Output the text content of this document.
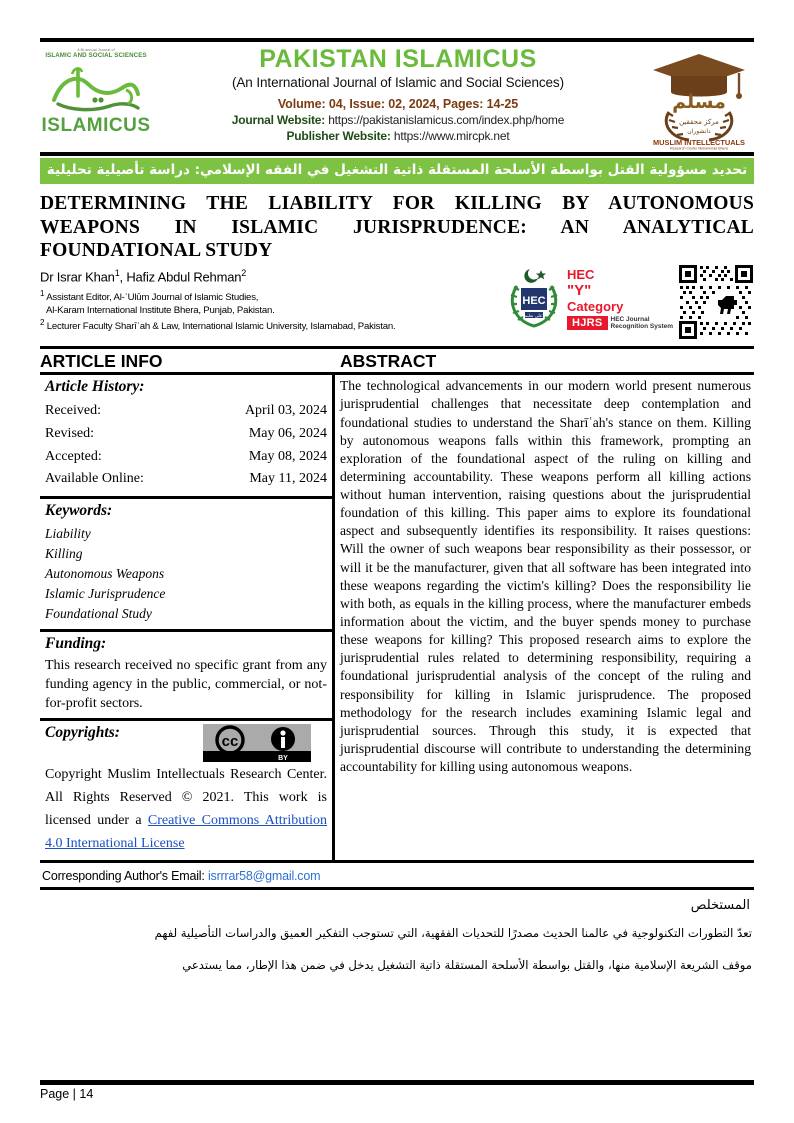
A Bi-annual Journal of
ISLAMIC AND SOCIAL SCIENCES
ISLAMICUS
PAKISTAN ISLAMICUS
(An International Journal of Islamic and Social Sciences)
Volume: 04, Issue: 02, 2024, Pages: 14-25
Journal Website: https://pakistanislamicus.com/index.php/home
Publisher Website: https://www.mircpk.net
مسلم
مركز محققين
دانشوران
MUSLIM INTELLECTUALS
Research Center Muhammad Bhera
تحديد مسؤولية القتل بواسطة الأسلحة المستقلة ذاتية التشغيل في الفقه الإسلامي: دراسة تأصيلية تحليلية
DETERMINING THE LIABILITY FOR KILLING BY AUTONOMOUS WEAPONS IN ISLAMIC JURISPRUDENCE: AN ANALYTICAL FOUNDATIONAL STUDY
HEC
اعلى تعليم
HEC
"Y"
Category
HJRS	HEC Journal
Recognition System
Dr Israr Khan$^1$, Hafiz Abdul Rehman$^2$
$^1$ Assistant Editor, Al-ʿUlūm Journal of Islamic Studies,
Al-Karam International Institute Bhera, Punjab, Pakistan.
$^2$ Lecturer Faculty Sharīʿah & Law, International Islamic University, Islamabad, Pakistan.
ARTICLE INFO	ABSTRACT
Article History:
Received:	April 03, 2024
Revised:	May 06, 2024
Accepted:	May 08, 2024
Available Online:	May 11, 2024
Keywords:
Liability
Killing
Autonomous Weapons
Islamic Jurisprudence
Foundational Study
Funding:
This research received no specific grant from any funding agency in the public, commercial, or not-for-profit sectors.
Copyrights:
cc
BY
Copyright Muslim Intellectuals Research Center. All Rights Reserved © 2021. This work is licensed under a Creative Commons Attribution 4.0 International License
The technological advancements in our modern world present numerous jurisprudential challenges that necessitate deep contemplation and foundational studies to understand the Sharīʿah's stance on them. Killing by autonomous weapons falls within this framework, prompting an exploration of the foundational aspect of the ruling on killing and determining accountability. These weapons perform all killing actions without human intervention, raising questions about the jurisprudential foundation of this killing. This paper aims to explore its foundational aspect and subsequently identifies its responsibility. It raises questions: Will the owner of such weapons bear responsibility as their possessor, or will it be the manufacturer, given that all software has been integrated into these weapons regarding the victim's killing? Does the responsibility lie with both, as equals in the killing process, where the manufacturer embeds information about the victim, and the buyer spends money to purchase these weapons for killing? This proposed research aims to explore the jurisprudential rules related to determining responsibility, requiring a foundational jurisprudential analysis of the concept of the ruling and responsibility for killing in Islamic jurisprudence. The proposed methodology for the research includes examining Islamic legal and jurisprudential sources. Through this study, it is expected that jurisprudential discourse will contribute to understanding the determining accountability for killing using autonomous weapons.
Corresponding Author's Email: isrrrar58@gmail.com
المستخلص
تعدّ التطورات التكنولوجية في عالمنا الحديث مصدرًا للتحديات الفقهية، التي تستوجب التفكير العميق والدراسات التأصيلية لفهم
موقف الشريعة الإسلامية منها، والقتل بواسطة الأسلحة المستقلة ذاتية التشغيل يدخل في ضمن هذا الإطار، مما يستدعي
Page | 14
